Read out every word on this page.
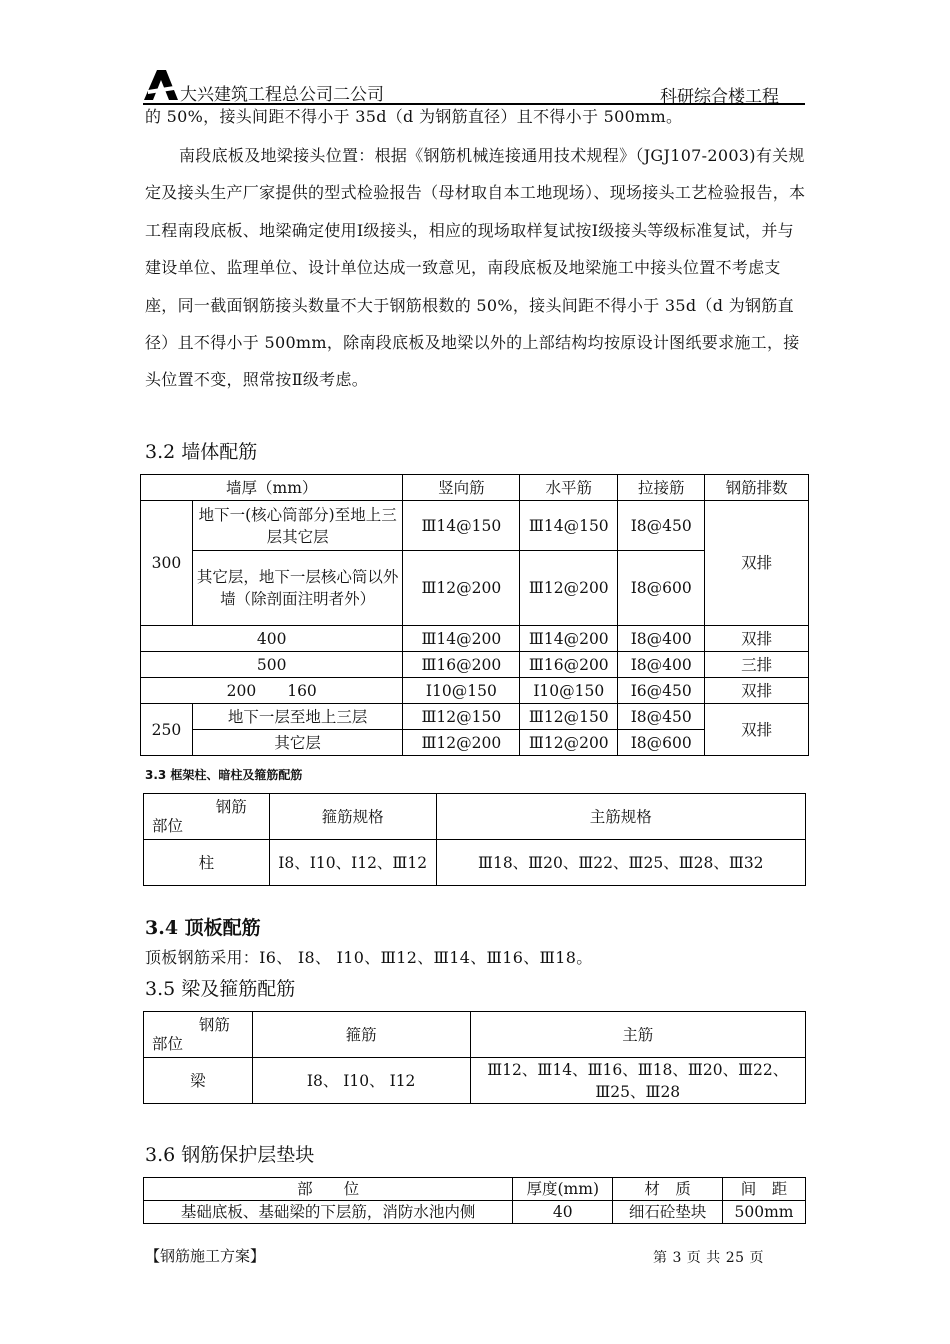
大兴建筑工程总公司二公司	科研综合楼工程
的 50%，接头间距不得小于 35d（d 为钢筋直径）且不得小于 500mm。
南段底板及地梁接头位置：根据《钢筋机械连接通用技术规程》（JGJ107-2003)有关规定及接头生产厂家提供的型式检验报告（母材取自本工地现场）、现场接头工艺检验报告，本工程南段底板、地梁确定使用Ⅰ级接头，相应的现场取样复试按Ⅰ级接头等级标准复试，并与建设单位、监理单位、设计单位达成一致意见，南段底板及地梁施工中接头位置不考虑支座，同一截面钢筋接头数量不大于钢筋根数的 50%，接头间距不得小于 35d（d 为钢筋直径）且不得小于 500mm，除南段底板及地梁以外的上部结构均按原设计图纸要求施工，接头位置不变，照常按Ⅱ级考虑。
3.2 墙体配筋
墙厚（mm）		竖向筋	水平筋	拉接筋	钢筋排数
300	地下一(核心筒部分)至地上三层其它层	Ⅲ14@150	Ⅲ14@150	Ⅰ8@450	双排
	其它层，地下一层核心筒以外墙（除剖面注明者外）	Ⅲ12@200	Ⅲ12@200	Ⅰ8@600	
400		Ⅲ14@200	Ⅲ14@200	Ⅰ8@400	双排
500		Ⅲ16@200	Ⅲ16@200	Ⅰ8@400	三排
200　　160		Ⅰ10@150	Ⅰ10@150	Ⅰ6@450	双排
250	地下一层至地上三层	Ⅲ12@150	Ⅲ12@150	Ⅰ8@450	双排
	其它层	Ⅲ12@200	Ⅲ12@200	Ⅰ8@600	
3.3 框架柱、暗柱及箍筋配筋
钢筋
部位	箍筋规格	主筋规格
柱	Ⅰ8、Ⅰ10、Ⅰ12、Ⅲ12	Ⅲ18、Ⅲ20、Ⅲ22、Ⅲ25、Ⅲ28、Ⅲ32
3.4 顶板配筋
顶板钢筋采用：Ⅰ6、 Ⅰ8、 Ⅰ10、Ⅲ12、Ⅲ14、Ⅲ16、Ⅲ18。
3.5 梁及箍筋配筋
钢筋
部位	箍筋	主筋
梁	Ⅰ8、 Ⅰ10、 Ⅰ12	Ⅲ12、Ⅲ14、Ⅲ16、Ⅲ18、Ⅲ20、Ⅲ22、Ⅲ25、Ⅲ28
3.6 钢筋保护层垫块
部　　位	厚度(mm)	材　质	间　距
基础底板、基础梁的下层筋，消防水池内侧	40	细石砼垫块	500mm
【钢筋施工方案】	第 3 页 共 25 页
